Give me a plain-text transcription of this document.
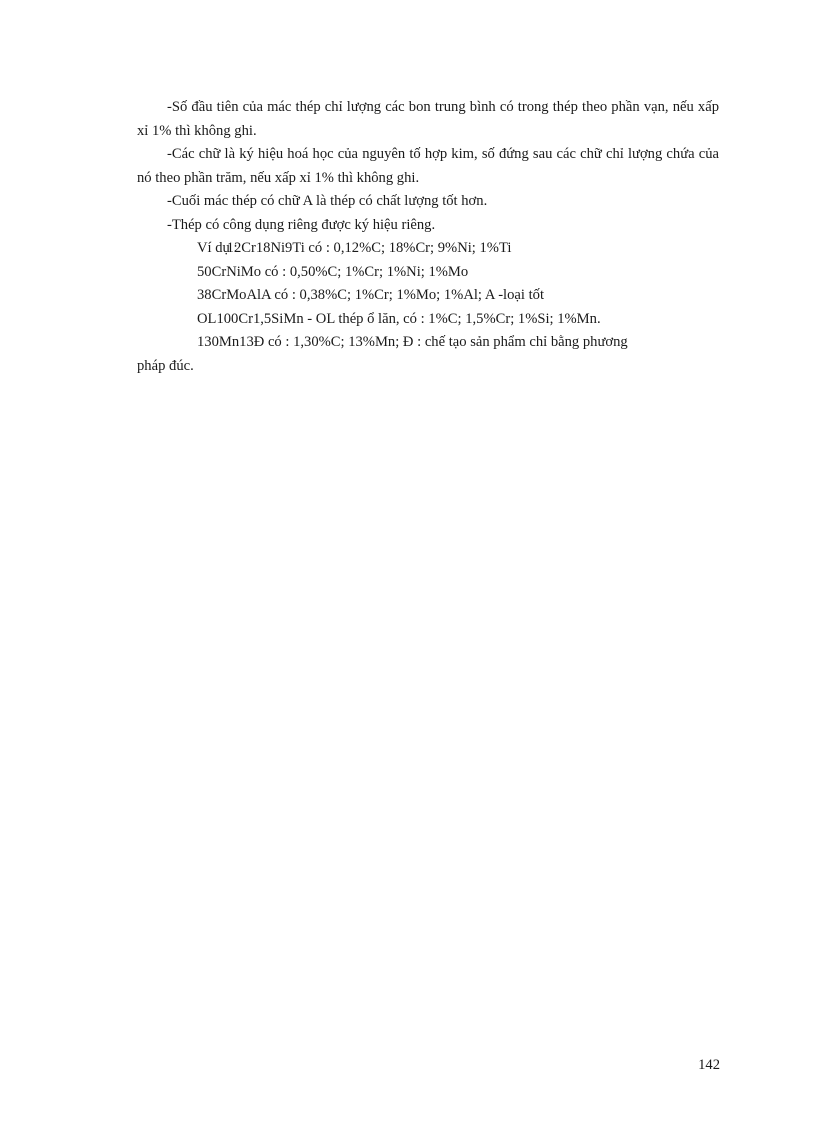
-Số đầu tiên của mác thép chỉ lượng các bon trung bình có trong thép theo phần vạn, nếu xấp xỉ 1% thì không ghi.

-Các chữ là ký hiệu hoá học của nguyên tố hợp kim, số đứng sau các chữ chỉ lượng chứa của nó theo phần trăm, nếu xấp xỉ 1% thì không ghi.

-Cuối mác thép có chữ A là thép có chất lượng tốt hơn.

-Thép có công dụng riêng được ký hiệu riêng.

Ví dụ : 12Cr18Ni9Ti có : 0,12%C; 18%Cr; 9%Ni; 1%Ti

50CrNiMo có : 0,50%C; 1%Cr; 1%Ni; 1%Mo

38CrMoAlA có : 0,38%C; 1%Cr; 1%Mo; 1%Al; A -loại tốt

OL100Cr1,5SiMn - OL thép ổ lăn, có : 1%C; 1,5%Cr; 1%Si; 1%Mn.

130Mn13Đ có : 1,30%C; 13%Mn; Đ : chế tạo sản phẩm chỉ bằng phương

pháp đúc.

142
